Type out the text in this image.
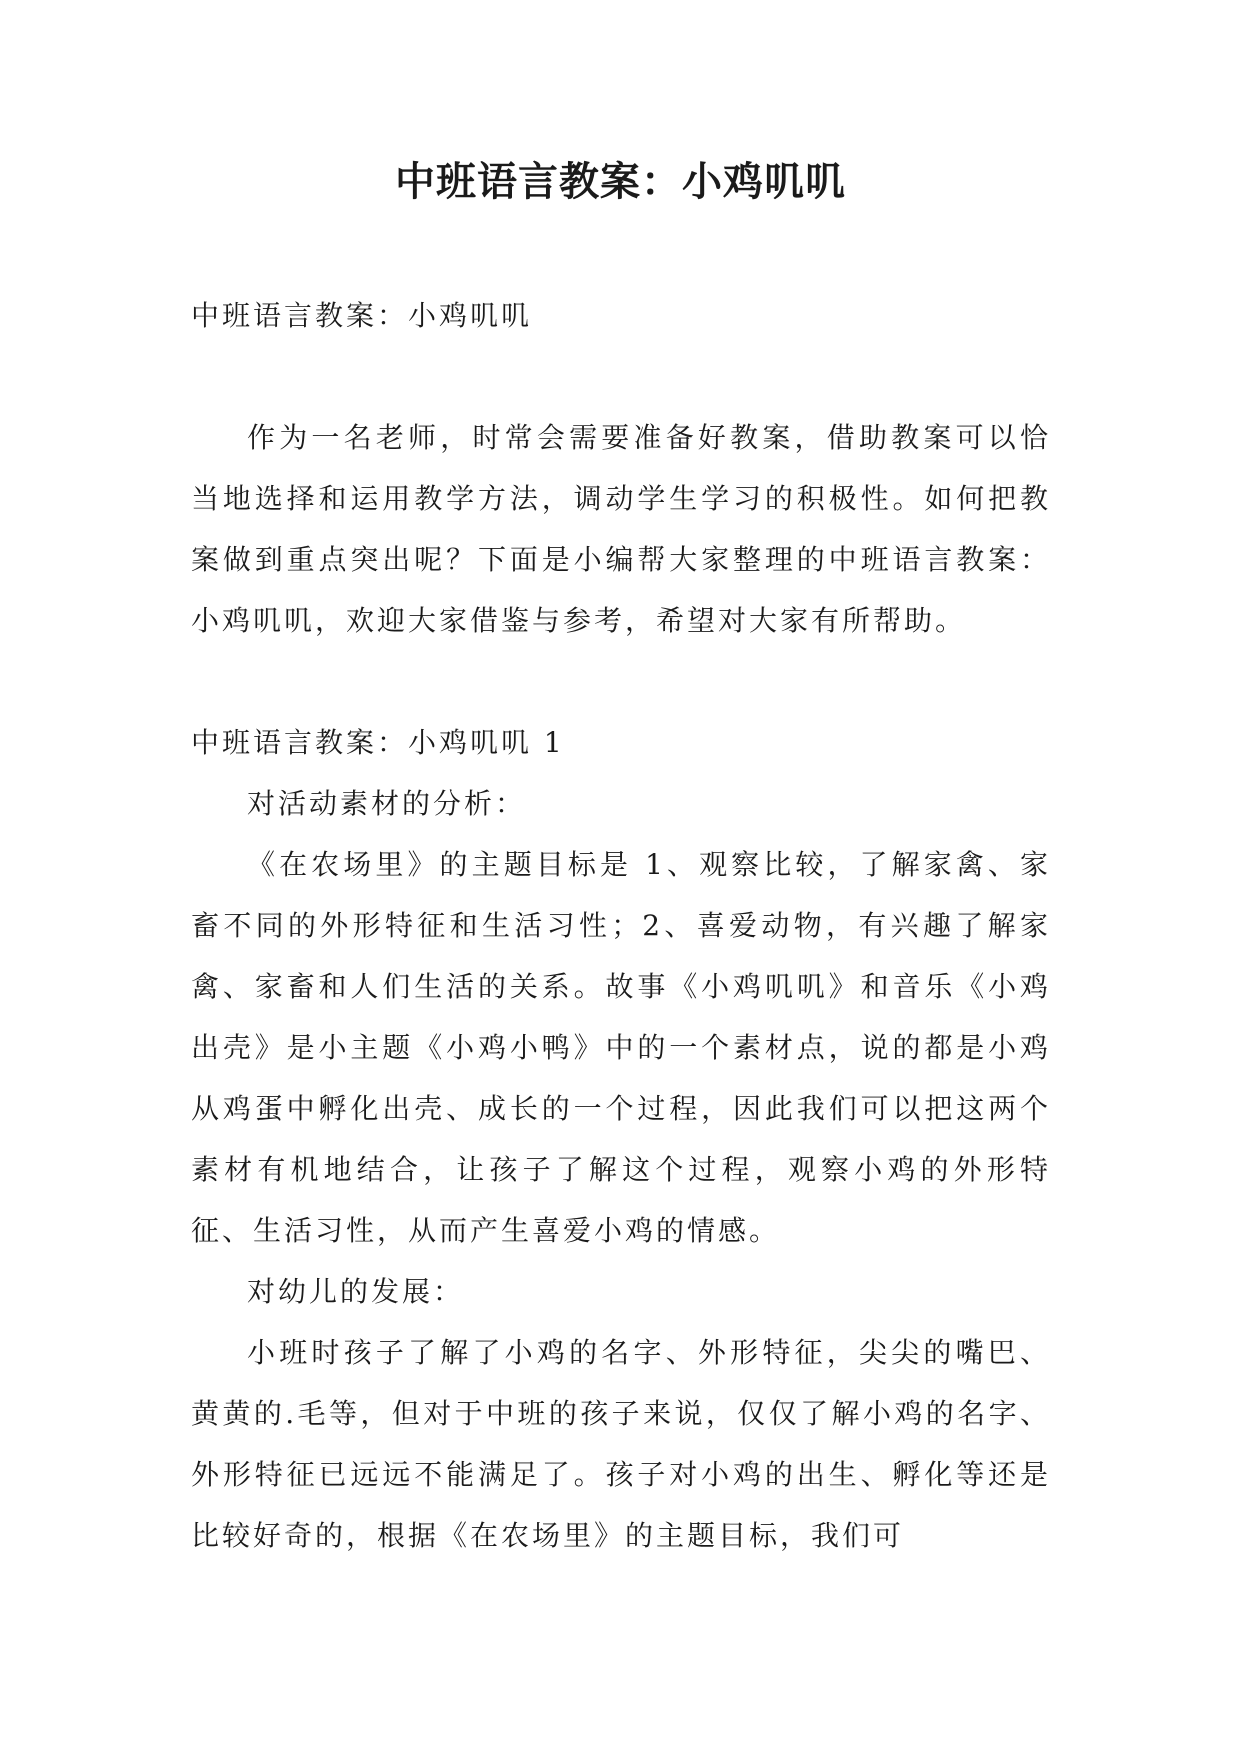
中班语言教案：小鸡叽叽

中班语言教案：小鸡叽叽

作为一名老师，时常会需要准备好教案，借助教案可以恰当地选择和运用教学方法，调动学生学习的积极性。如何把教案做到重点突出呢？下面是小编帮大家整理的中班语言教案：小鸡叽叽，欢迎大家借鉴与参考，希望对大家有所帮助。

中班语言教案：小鸡叽叽 1

对活动素材的分析：

《在农场里》的主题目标是 1、观察比较，了解家禽、家畜不同的外形特征和生活习性；2、喜爱动物，有兴趣了解家禽、家畜和人们生活的关系。故事《小鸡叽叽》和音乐《小鸡出壳》是小主题《小鸡小鸭》中的一个素材点，说的都是小鸡从鸡蛋中孵化出壳、成长的一个过程，因此我们可以把这两个素材有机地结合，让孩子了解这个过程，观察小鸡的外形特征、生活习性，从而产生喜爱小鸡的情感。

对幼儿的发展：

小班时孩子了解了小鸡的名字、外形特征，尖尖的嘴巴、黄黄的.毛等，但对于中班的孩子来说，仅仅了解小鸡的名字、外形特征已远远不能满足了。孩子对小鸡的出生、孵化等还是比较好奇的，根据《在农场里》的主题目标，我们可
